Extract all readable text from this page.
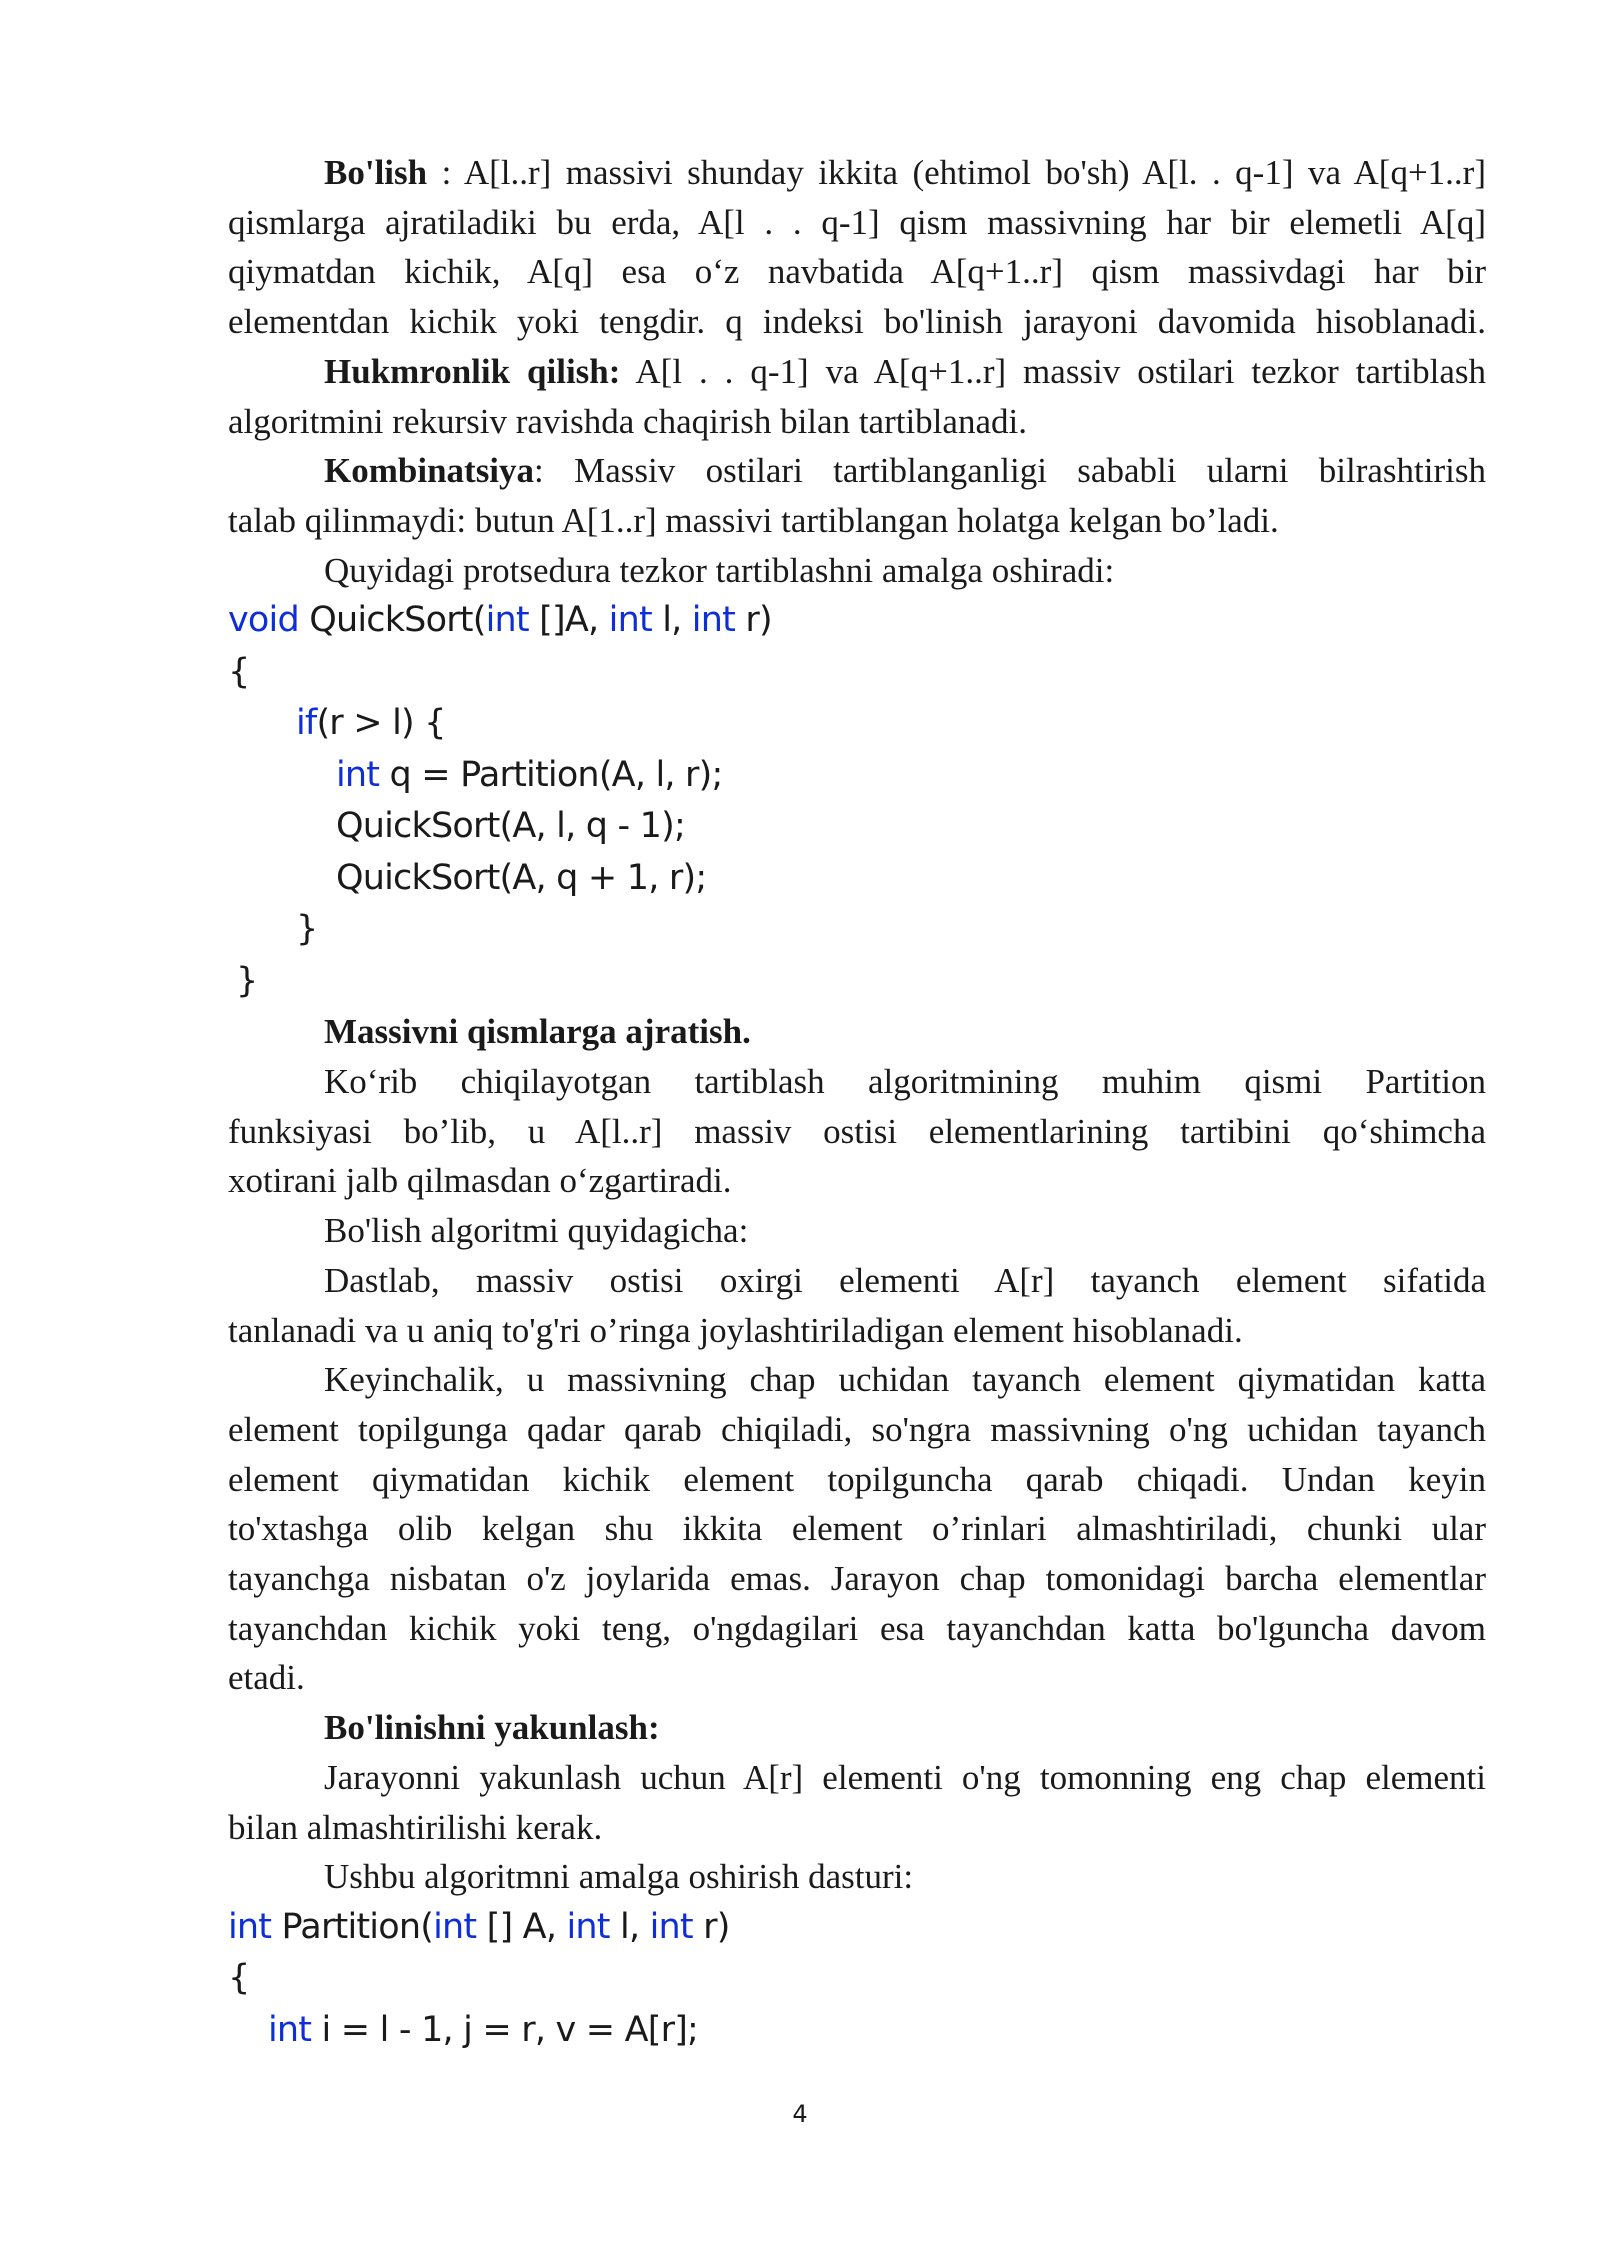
Bo'lish : A[l..r] massivi shunday ikkita (ehtimol bo'sh) A[l. . q-1] va A[q+1..r]

qismlarga ajratiladiki bu erda, A[l . . q-1] qism massivning har bir elemetli A[q]

qiymatdan kichik, A[q] esa o‘z navbatida A[q+1..r] qism massivdagi har bir

elementdan kichik yoki tengdir. q indeksi bo'linish jarayoni davomida hisoblanadi.

Hukmronlik qilish: A[l . . q-1] va A[q+1..r] massiv ostilari tezkor tartiblash

algoritmini rekursiv ravishda chaqirish bilan tartiblanadi.

Kombinatsiya: Massiv ostilari tartiblanganligi sababli ularni bilrashtirish

talab qilinmaydi: butun A[1..r] massivi tartiblangan holatga kelgan bo’ladi.

Quyidagi protsedura tezkor tartiblashni amalga oshiradi:

void QuickSort(int []A, int l, int r)
{
if(r > l) {
int q = Partition(A, l, r);
QuickSort(A, l, q - 1);
QuickSort(A, q + 1, r);
}
}

Massivni qismlarga ajratish.

Ko‘rib chiqilayotgan tartiblash algoritmining muhim qismi Partition

funksiyasi bo’lib, u A[l..r] massiv ostisi elementlarining tartibini qo‘shimcha

xotirani jalb qilmasdan o‘zgartiradi.

Bo'lish algoritmi quyidagicha:

Dastlab, massiv ostisi oxirgi elementi A[r] tayanch element sifatida

tanlanadi va u aniq to'g'ri o’ringa joylashtiriladigan element hisoblanadi.

Keyinchalik, u massivning chap uchidan tayanch element qiymatidan katta

element topilgunga qadar qarab chiqiladi, so'ngra massivning o'ng uchidan tayanch

element qiymatidan kichik element topilguncha qarab chiqadi. Undan keyin

to'xtashga olib kelgan shu ikkita element o’rinlari almashtiriladi, chunki ular

tayanchga nisbatan o'z joylarida emas. Jarayon chap tomonidagi barcha elementlar

tayanchdan kichik yoki teng, o'ngdagilari esa tayanchdan katta bo'lguncha davom

etadi.

Bo'linishni yakunlash:

Jarayonni yakunlash uchun A[r] elementi o'ng tomonning eng chap elementi

bilan almashtirilishi kerak.

Ushbu algoritmni amalga oshirish dasturi:

int Partition(int [] A, int l, int r)
{
int i = l - 1, j = r, v = A[r];
4
